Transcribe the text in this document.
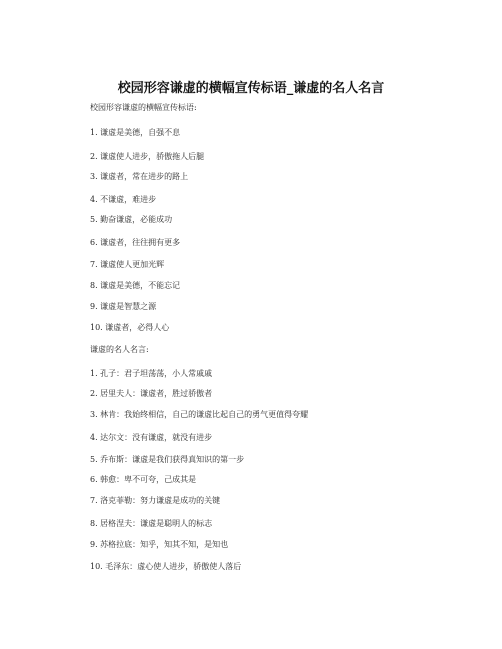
校园形容谦虚的横幅宣传标语_谦虚的名人名言
校园形容谦虚的横幅宣传标语:
1. 谦虚是美德，自强不息
2. 谦虚使人进步，骄傲拖人后腿
3. 谦虚者，常在进步的路上
4. 不谦虚，难进步
5. 勤奋谦虚，必能成功
6. 谦虚者，往往拥有更多
7. 谦虚使人更加光辉
8. 谦虚是美德，不能忘记
9. 谦虚是智慧之源
10. 谦虚者，必得人心
谦虚的名人名言:
1. 孔子：君子坦荡荡，小人常戚戚
2. 居里夫人：谦虚者，胜过骄傲者
3. 林肯：我始终相信，自己的谦虚比起自己的勇气更值得夸耀
4. 达尔文：没有谦虚，就没有进步
5. 乔布斯：谦虚是我们获得真知识的第一步
6. 韩愈：卑不可夸，己成其是
7. 洛克菲勒：努力谦虚是成功的关键
8. 居格涅夫：谦虚是聪明人的标志
9. 苏格拉底：知乎，知其不知，是知也
10. 毛泽东：虚心使人进步，骄傲使人落后
